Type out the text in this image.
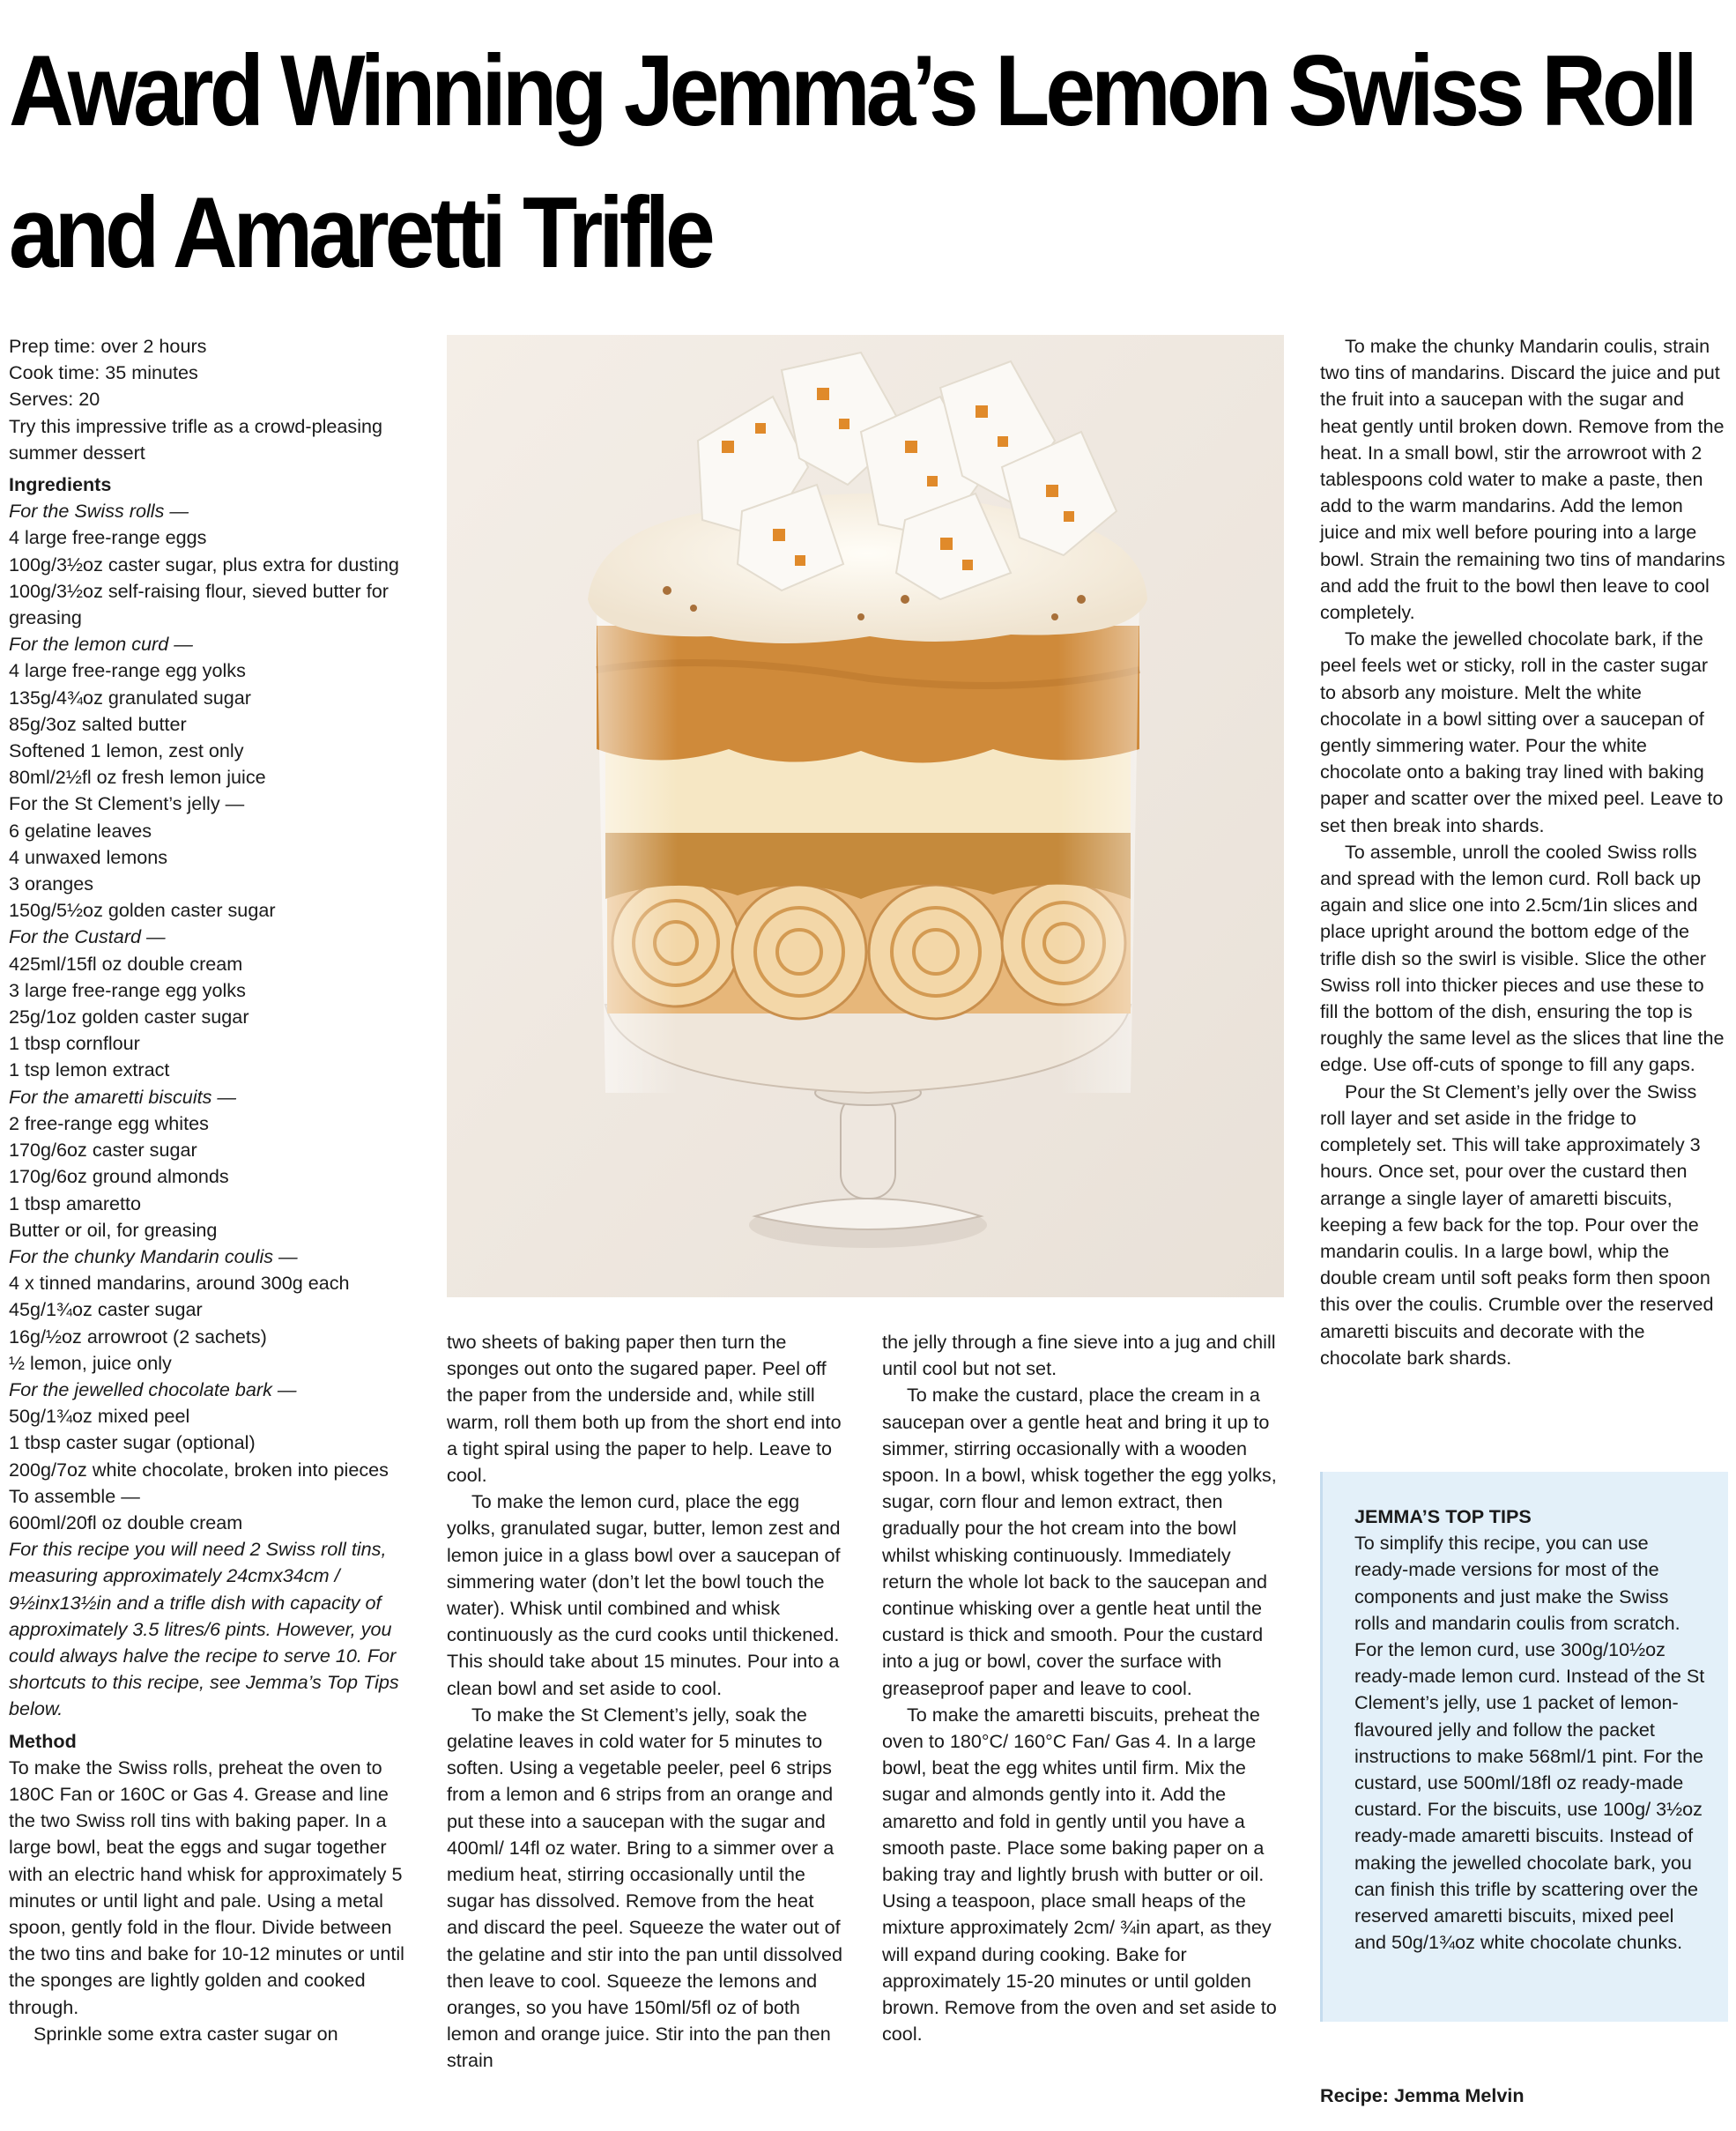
Award Winning Jemma’s Lemon Swiss Roll and Amaretti Trifle

Prep time: over 2 hours

Cook time: 35 minutes

Serves: 20

Try this impressive trifle as a crowd-pleasing summer dessert

Ingredients

For the Swiss rolls —

4 large free-range eggs

100g/3½oz caster sugar, plus extra for dusting

100g/3½oz self-raising flour, sieved butter for greasing

For the lemon curd —

4 large free-range egg yolks

135g/4¾oz granulated sugar

85g/3oz salted butter

Softened 1 lemon, zest only

80ml/2½fl oz fresh lemon juice

For the St Clement’s jelly —

6 gelatine leaves

4 unwaxed lemons

3 oranges

150g/5½oz golden caster sugar

For the Custard —

425ml/15fl oz double cream

3 large free-range egg yolks

25g/1oz golden caster sugar

1 tbsp cornflour

1 tsp lemon extract

For the amaretti biscuits —

2 free-range egg whites

170g/6oz caster sugar

170g/6oz ground almonds

1 tbsp amaretto

Butter or oil, for greasing

For the chunky Mandarin coulis —

4 x tinned mandarins, around 300g each

45g/1¾oz caster sugar

16g/½oz arrowroot (2 sachets)

½ lemon, juice only

For the jewelled chocolate bark —

50g/1¾oz mixed peel

1 tbsp caster sugar (optional)

200g/7oz white chocolate, broken into pieces

To assemble —

600ml/20fl oz double cream

For this recipe you will need 2 Swiss roll tins, measuring approximately 24cmx34cm / 9½inx13½in and a trifle dish with capacity of approximately 3.5 litres/6 pints. However, you could always halve the recipe to serve 10. For shortcuts to this recipe, see Jemma’s Top Tips below.

Method

To make the Swiss rolls, preheat the oven to 180C Fan or 160C or Gas 4. Grease and line the two Swiss roll tins with baking paper. In a large bowl, beat the eggs and sugar together with an electric hand whisk for approximately 5 minutes or until light and pale. Using a metal spoon, gently fold in the flour. Divide between the two tins and bake for 10-12 minutes or until the sponges are lightly golden and cooked through.

Sprinkle some extra caster sugar on

two sheets of baking paper then turn the sponges out onto the sugared paper. Peel off the paper from the underside and, while still warm, roll them both up from the short end into a tight spiral using the paper to help. Leave to cool.

To make the lemon curd, place the egg yolks, granulated sugar, butter, lemon zest and lemon juice in a glass bowl over a saucepan of simmering water (don’t let the bowl touch the water). Whisk until combined and whisk continuously as the curd cooks until thickened. This should take about 15 minutes. Pour into a clean bowl and set aside to cool.

To make the St Clement’s jelly, soak the gelatine leaves in cold water for 5 minutes to soften. Using a vegetable peeler, peel 6 strips from a lemon and 6 strips from an orange and put these into a saucepan with the sugar and 400ml/ 14fl oz water. Bring to a simmer over a medium heat, stirring occasionally until the sugar has dissolved. Remove from the heat and discard the peel. Squeeze the water out of the gelatine and stir into the pan until dissolved then leave to cool. Squeeze the lemons and oranges, so you have 150ml/5fl oz of both lemon and orange juice. Stir into the pan then strain

the jelly through a fine sieve into a jug and chill until cool but not set.

To make the custard, place the cream in a saucepan over a gentle heat and bring it up to simmer, stirring occasionally with a wooden spoon. In a bowl, whisk together the egg yolks, sugar, corn flour and lemon extract, then gradually pour the hot cream into the bowl whilst whisking continuously. Immediately return the whole lot back to the saucepan and continue whisking over a gentle heat until the custard is thick and smooth. Pour the custard into a jug or bowl, cover the surface with greaseproof paper and leave to cool.

To make the amaretti biscuits, preheat the oven to 180°C/ 160°C Fan/ Gas 4. In a large bowl, beat the egg whites until firm. Mix the sugar and almonds gently into it. Add the amaretto and fold in gently until you have a smooth paste. Place some baking paper on a baking tray and lightly brush with butter or oil. Using a teaspoon, place small heaps of the mixture approximately 2cm/ ¾in apart, as they will expand during cooking. Bake for approximately 15-20 minutes or until golden brown. Remove from the oven and set aside to cool.

To make the chunky Mandarin coulis, strain two tins of mandarins. Discard the juice and put the fruit into a saucepan with the sugar and heat gently until broken down. Remove from the heat. In a small bowl, stir the arrowroot with 2 tablespoons cold water to make a paste, then add to the warm mandarins. Add the lemon juice and mix well before pouring into a large bowl. Strain the remaining two tins of mandarins and add the fruit to the bowl then leave to cool completely.

To make the jewelled chocolate bark, if the peel feels wet or sticky, roll in the caster sugar to absorb any moisture. Melt the white chocolate in a bowl sitting over a saucepan of gently simmering water. Pour the white chocolate onto a baking tray lined with baking paper and scatter over the mixed peel. Leave to set then break into shards.

To assemble, unroll the cooled Swiss rolls and spread with the lemon curd. Roll back up again and slice one into 2.5cm/1in slices and place upright around the bottom edge of the trifle dish so the swirl is visible. Slice the other Swiss roll into thicker pieces and use these to fill the bottom of the dish, ensuring the top is roughly the same level as the slices that line the edge. Use off-cuts of sponge to fill any gaps.

Pour the St Clement’s jelly over the Swiss roll layer and set aside in the fridge to completely set. This will take approximately 3 hours. Once set, pour over the custard then arrange a single layer of amaretti biscuits, keeping a few back for the top. Pour over the mandarin coulis. In a large bowl, whip the double cream until soft peaks form then spoon this over the coulis. Crumble over the reserved amaretti biscuits and decorate with the chocolate bark shards.

JEMMA’S TOP TIPS

To simplify this recipe, you can use ready-made versions for most of the components and just make the Swiss rolls and mandarin coulis from scratch. For the lemon curd, use 300g/10½oz ready-made lemon curd. Instead of the St Clement’s jelly, use 1 packet of lemon-flavoured jelly and follow the packet instructions to make 568ml/1 pint. For the custard, use 500ml/18fl oz ready-made custard. For the biscuits, use 100g/ 3½oz ready-made amaretti biscuits. Instead of making the jewelled chocolate bark, you can finish this trifle by scattering over the reserved amaretti biscuits, mixed peel and 50g/1¾oz white chocolate chunks.

Recipe: Jemma Melvin
